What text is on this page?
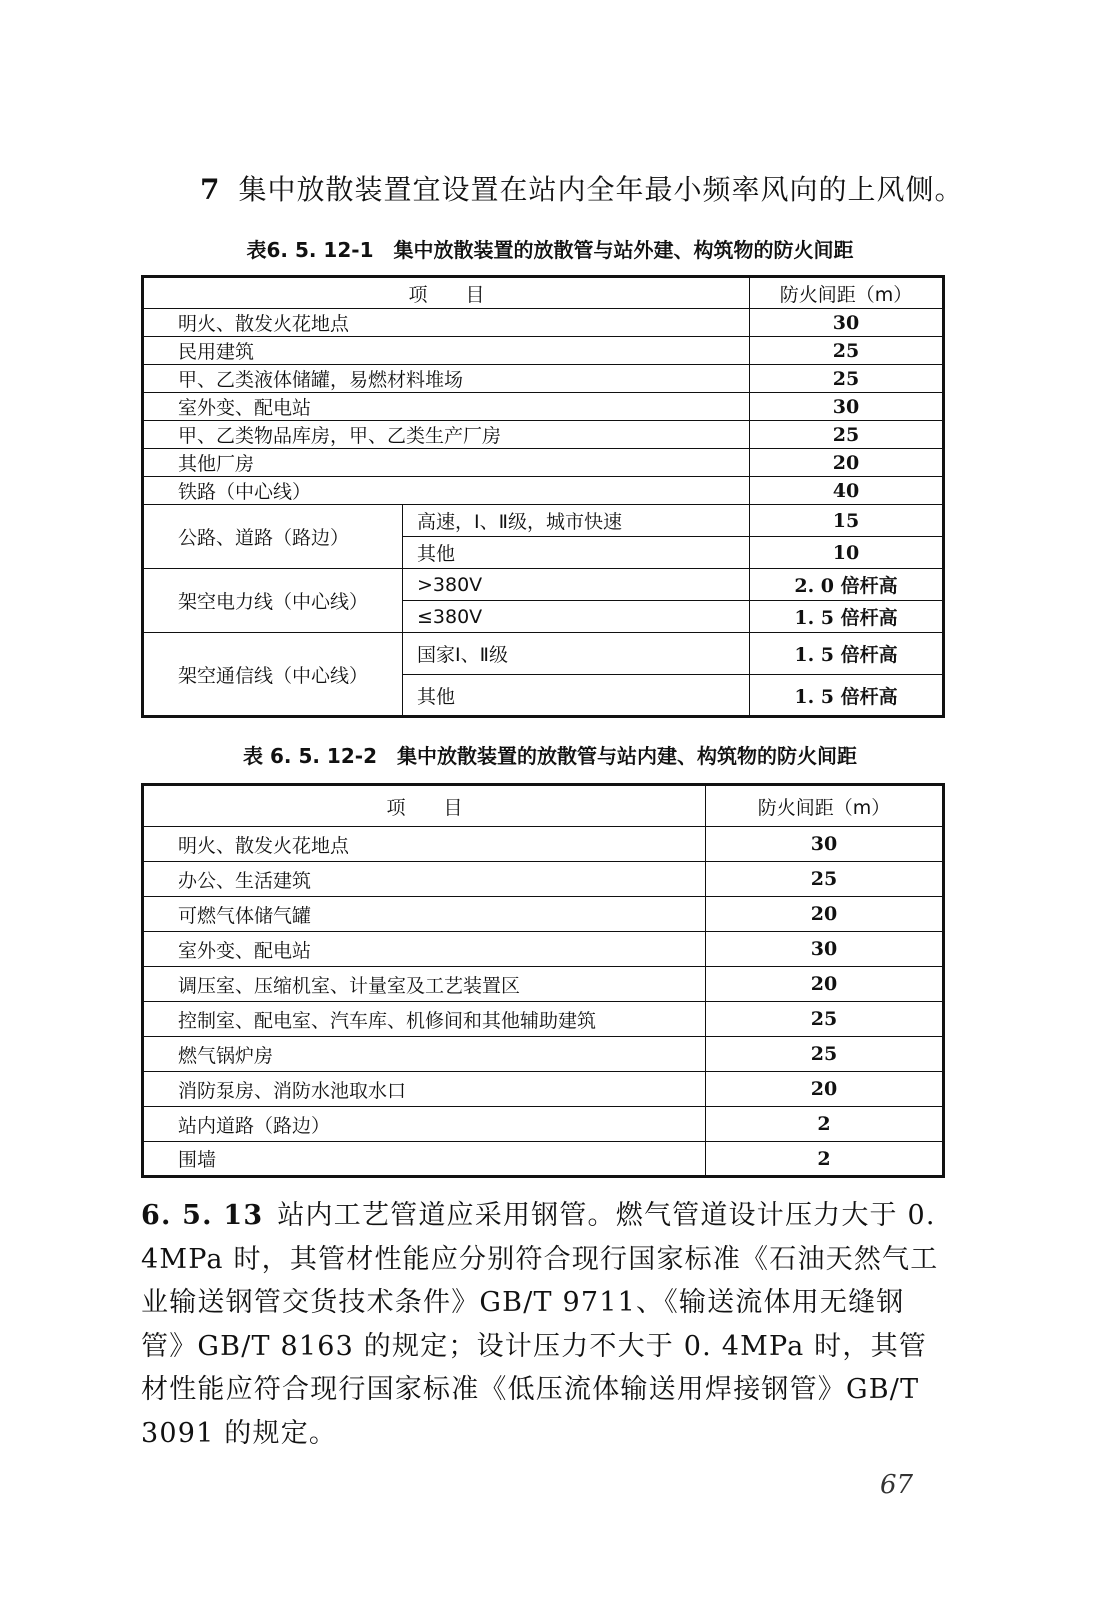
7 集中放散装置宜设置在站内全年最小频率风向的上风侧。
表6. 5. 12-1　集中放散装置的放散管与站外建、构筑物的防火间距
项　　目		防火间距（m）
明火、散发火花地点		30
民用建筑		25
甲、乙类液体储罐，易燃材料堆场		25
室外变、配电站		30
甲、乙类物品库房，甲、乙类生产厂房		25
其他厂房		20
铁路（中心线）		40
公路、道路（路边）	高速，Ⅰ、Ⅱ级，城市快速	15
	其他	10
架空电力线（中心线）	>380V	2. 0 倍杆高
	≤380V	1. 5 倍杆高
架空通信线（中心线）	国家Ⅰ、Ⅱ级	1. 5 倍杆高
	其他	1. 5 倍杆高
表 6. 5. 12-2　集中放散装置的放散管与站内建、构筑物的防火间距
项　　目	防火间距（m）
明火、散发火花地点	30
办公、生活建筑	25
可燃气体储气罐	20
室外变、配电站	30
调压室、压缩机室、计量室及工艺装置区	20
控制室、配电室、汽车库、机修间和其他辅助建筑	25
燃气锅炉房	25
消防泵房、消防水池取水口	20
站内道路（路边）	2
围墙	2
6. 5. 13 站内工艺管道应采用钢管。燃气管道设计压力大于 0. 4MPa 时，其管材性能应分别符合现行国家标准《石油天然气工业输送钢管交货技术条件》GB/T 9711、《输送流体用无缝钢管》GB/T 8163 的规定；设计压力不大于 0. 4MPa 时，其管材性能应符合现行国家标准《低压流体输送用焊接钢管》GB/T 3091 的规定。
67
